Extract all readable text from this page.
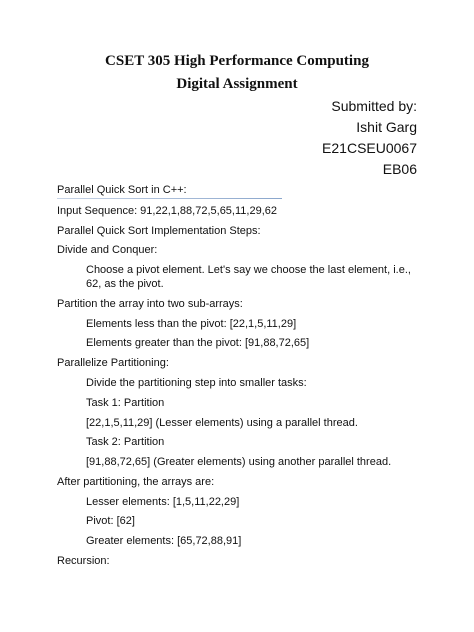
CSET 305 High Performance Computing
Digital Assignment
Submitted by:
Ishit Garg
E21CSEU0067
EB06
Parallel Quick Sort in C++:
Input Sequence: 91,22,1,88,72,5,65,11,29,62
Parallel Quick Sort Implementation Steps:
Divide and Conquer:
Choose a pivot element. Let's say we choose the last element, i.e., 62, as the pivot.
Partition the array into two sub-arrays:
Elements less than the pivot: [22,1,5,11,29]
Elements greater than the pivot: [91,88,72,65]
Parallelize Partitioning:
Divide the partitioning step into smaller tasks:
Task 1: Partition
[22,1,5,11,29] (Lesser elements) using a parallel thread.
Task 2: Partition
[91,88,72,65] (Greater elements) using another parallel thread.
After partitioning, the arrays are:
Lesser elements: [1,5,11,22,29]
Pivot: [62]
Greater elements: [65,72,88,91]
Recursion:
